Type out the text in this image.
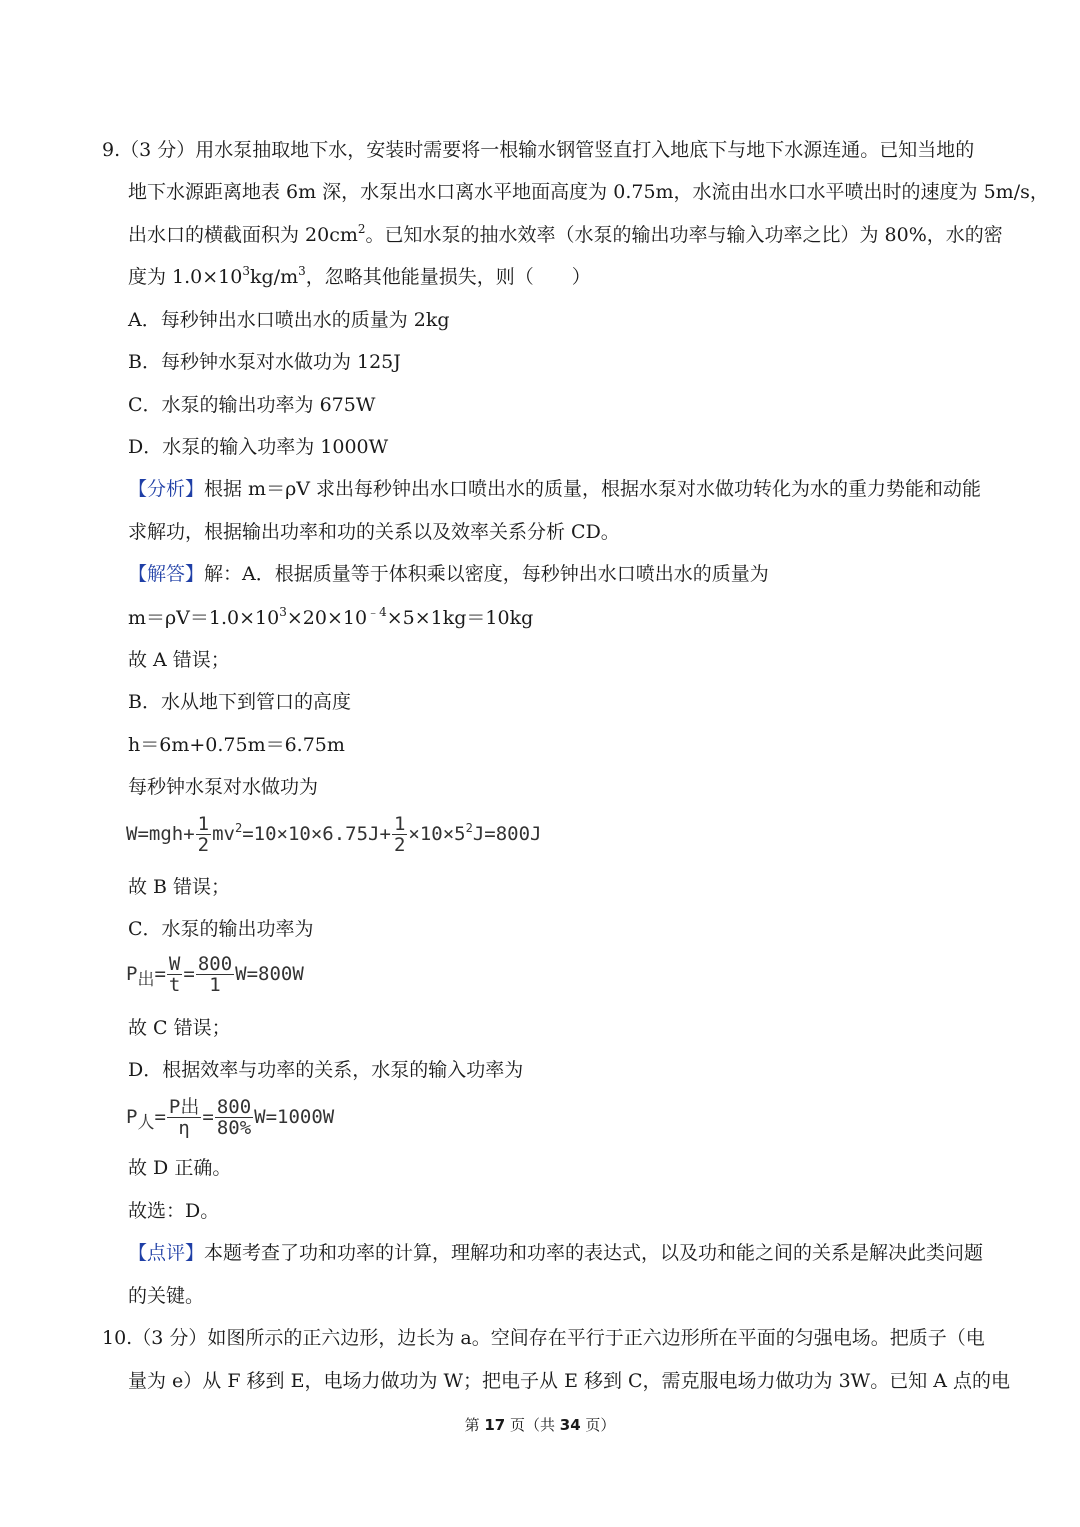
9.（3 分）用水泵抽取地下水，安装时需要将一根输水钢管竖直打入地底下与地下水源连通。已知当地的
地下水源距离地表 6m 深，水泵出水口离水平地面高度为 0.75m，水流由出水口水平喷出时的速度为 5m/s，
出水口的横截面积为 $20cm^2$。已知水泵的抽水效率（水泵的输出功率与输入功率之比）为 80%，水的密
度为 $1.0\times 10^3kg/m^3$，忽略其他能量损失，则（　　）
A．每秒钟出水口喷出水的质量为 2kg
B．每秒钟水泵对水做功为 125J
C．水泵的输出功率为 675W
D．水泵的输入功率为 1000W
【分析】根据 m＝ρV 求出每秒钟出水口喷出水的质量，根据水泵对水做功转化为水的重力势能和动能
求解功，根据输出功率和功的关系以及效率关系分析 CD。
【解答】解：A．根据质量等于体积乘以密度，每秒钟出水口喷出水的质量为
$m=\rho V=1.0\times 10^3\times 20\times 10^{﹣4}\times 5\times 1kg=10kg$
故 A 错误；
B．水从地下到管口的高度
h＝6m+0.75m＝6.75m
每秒钟水泵对水做功为
$W=mgh+ \frac{1}{2} mv^2=10\times 10\times 6.75J+ \frac{1}{2} \times 10\times 5^2J=800J$
故 B 错误；
C．水泵的输出功率为
P出= $\frac{W}{t} = \frac{800}{1} W=800W$
故 C 错误；
D．根据效率与功率的关系，水泵的输入功率为
P人= $\frac{\text{P出}}{\eta} = \frac{800}{80\%} W=1000W$
故 D 正确。
故选：D。
【点评】本题考查了功和功率的计算，理解功和功率的表达式，以及功和能之间的关系是解决此类问题
的关键。
10.（3 分）如图所示的正六边形，边长为 a。空间存在平行于正六边形所在平面的匀强电场。把质子（电
量为 e）从 F 移到 E，电场力做功为 W；把电子从 E 移到 C，需克服电场力做功为 3W。已知 A 点的电
第 17 页（共 34 页）
